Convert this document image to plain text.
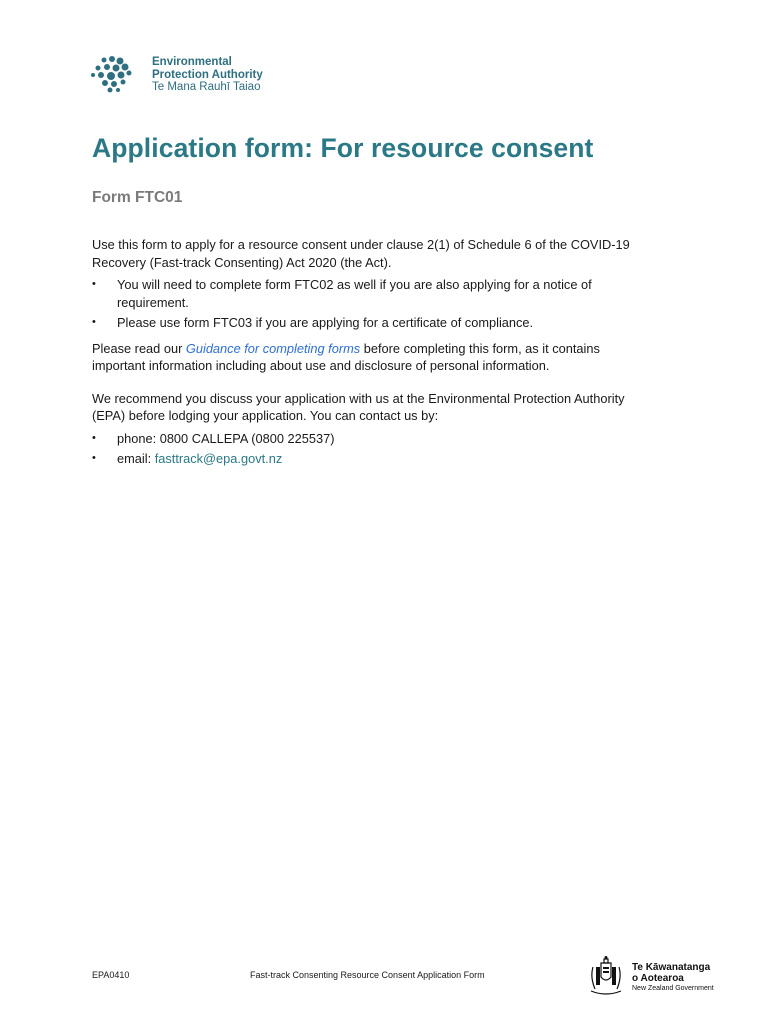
Environmental
Protection Authority
Te Mana Rauhī Taiao
Application form: For resource consent
Form FTC01

Use this form to apply for a resource consent under clause 2(1) of Schedule 6 of the COVID-19 Recovery (Fast-track Consenting) Act 2020 (the Act).

• You will need to complete form FTC02 as well if you are also applying for a notice of requirement.
• Please use form FTC03 if you are applying for a certificate of compliance.

Please read our Guidance for completing forms before completing this form, as it contains important information including about use and disclosure of personal information.

We recommend you discuss your application with us at the Environmental Protection Authority (EPA) before lodging your application. You can contact us by:

• phone: 0800 CALLEPA (0800 225537)
• email: fasttrack@epa.govt.nz
EPA0410	Fast-track Consenting Resource Consent Application Form
Te Kāwanatanga
o Aotearoa
New Zealand Government
